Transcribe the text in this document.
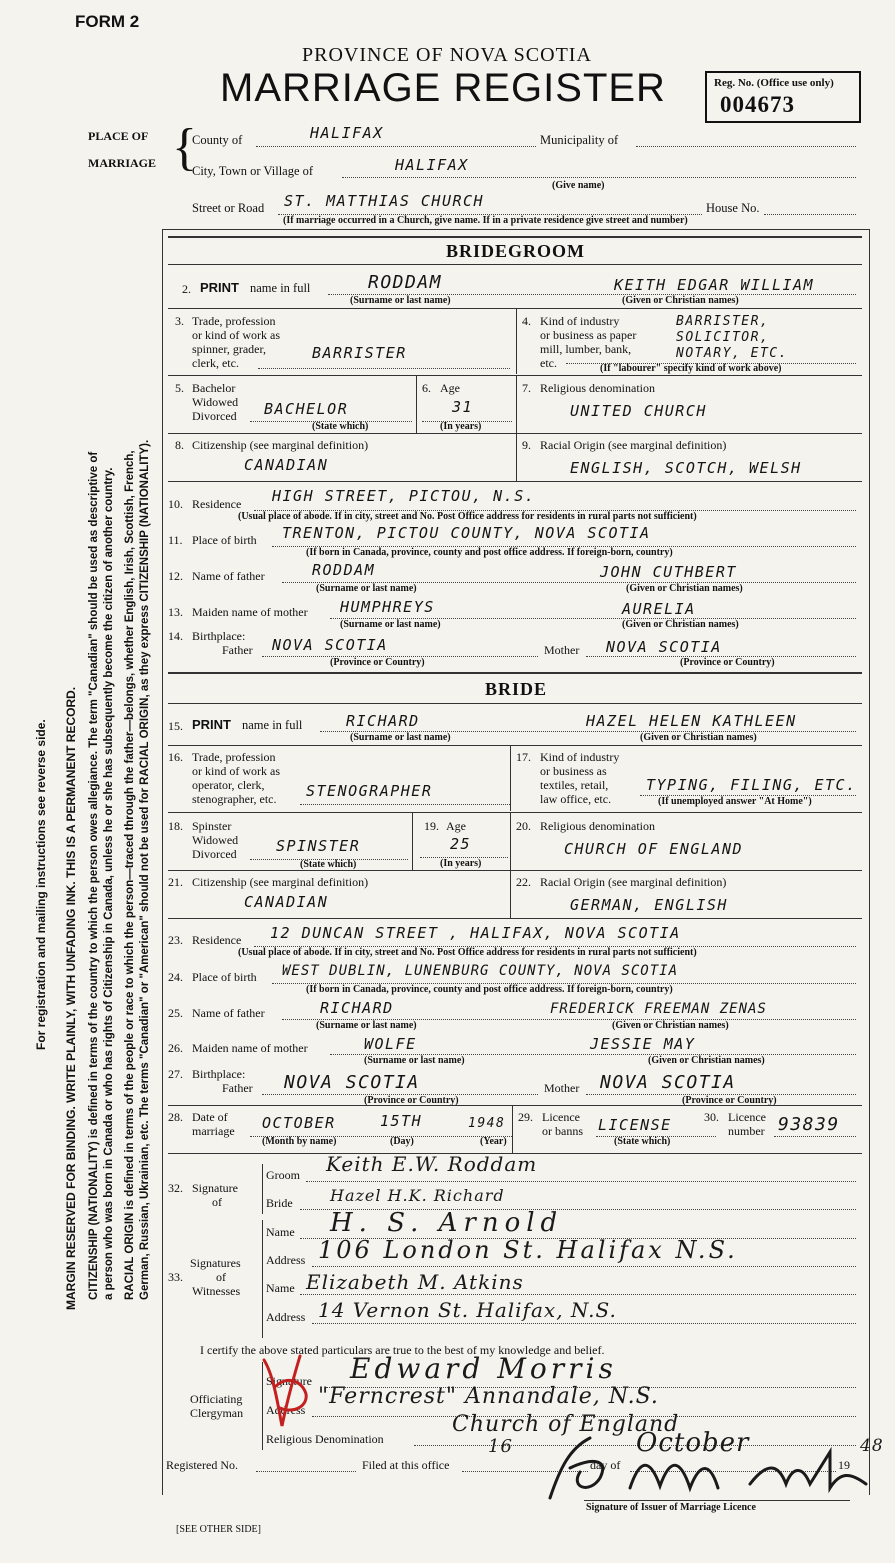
For registration and mailing instructions see reverse side. MARGIN RESERVED FOR BINDING. WRITE PLAINLY, WITH UNFADING INK. THIS IS A PERMANENT RECORD. CITIZENSHIP (NATIONALITY) is defined in terms of the country to which the person owes allegiance. The term "Canadian" should be used as descriptive of a person who was born in Canada or who has rights of Citizenship in Canada, unless he or she has subsequently become the citizen of another country. RACIAL ORIGIN is defined in terms of the people or race to which the person—traced through the father—belongs, whether English, Irish, Scottish, French, German, Russian, Ukrainian, etc. The terms "Canadian" or "American" should not be used for RACIAL ORIGIN, as they express CITIZENSHIP (NATIONALITY).
FORM 2
PROVINCE OF NOVA SCOTIA
MARRIAGE REGISTER	Reg. No. (Office use only)
004673
PLACE OF
MARRIAGE {
County of	HALIFAX	Municipality of
City, Town or Village of	HALIFAX
(Give name)
Street or Road ST. MATTHIAS CHURCH	House No.
(If marriage occurred in a Church, give name. If in a private residence give street and number)
BRIDEGROOM
2. PRINT name in full	RODDAM	KEITH EDGAR WILLIAM
(Surname or last name)	(Given or Christian names)
3. Trade, profession
or kind of work as
spinner, grader,
clerk, etc.
BARRISTER
4. Kind of industry
or business as paper
mill, lumber, bank,
etc.
BARRISTER,
SOLICITOR,
NOTARY, ETC.
(If "labourer" specify kind of work above)
5. Bachelor
Widowed
Divorced BACHELOR
(State which)
6. Age
31
(In years)
7. Religious denomination
UNITED CHURCH
8. Citizenship (see marginal definition)
CANADIAN
9. Racial Origin (see marginal definition)
ENGLISH, SCOTCH, WELSH
10. Residence HIGH STREET, PICTOU, N.S.
(Usual place of abode. If in city, street and No. Post Office address for residents in rural parts not sufficient)
11. Place of birth TRENTON, PICTOU COUNTY, NOVA SCOTIA
(If born in Canada, province, county and post office address. If foreign-born, country)
12. Name of father	RODDAM	JOHN CUTHBERT
(Surname or last name)	(Given or Christian names)
13. Maiden name of mother HUMPHREYS	AURELIA
(Surname or last name)	(Given or Christian names)
14. Birthplace:
Father NOVA SCOTIA
(Province or Country)
Mother NOVA SCOTIA
(Province or Country)
BRIDE
15. PRINT name in full	RICHARD	HAZEL HELEN KATHLEEN
(Surname or last name)	(Given or Christian names)
16. Trade, profession
or kind of work as
operator, clerk,
stenographer, etc. STENOGRAPHER
17. Kind of industry
or business as
textiles, retail,
law office, etc.
TYPING, FILING, ETC.
(If unemployed answer "At Home")
18. Spinster
Widowed
Divorced	SPINSTER
(State which)
19. Age
25
(In years)
20. Religious denomination
CHURCH OF ENGLAND
21. Citizenship (see marginal definition)
CANADIAN
22. Racial Origin (see marginal definition)
GERMAN, ENGLISH
23. Residence 12 DUNCAN STREET , HALIFAX, NOVA SCOTIA
(Usual place of abode. If in city, street and No. Post Office address for residents in rural parts not sufficient)
24. Place of birth WEST DUBLIN, LUNENBURG COUNTY, NOVA SCOTIA
(If born in Canada, province, county and post office address. If foreign-born, country)
25. Name of father	RICHARD	FREDERICK FREEMAN ZENAS
(Surname or last name)	(Given or Christian names)
26. Maiden name of mother	WOLFE	JESSIE MAY
(Surname or last name)	(Given or Christian names)
27. Birthplace:
Father NOVA SCOTIA
(Province or Country)
Mother NOVA SCOTIA
(Province or Country)
28. Date of
marriage OCTOBER	15TH	1948
(Month by name)	(Day)	(Year)
29. Licence
or banns LICENSE
(State which)
30. Licence
number 93839
32. Signature
of
Groom Keith E.W. Roddam
Bride Hazel H.K. Richard
33.
Signatures
of
Witnesses
Name H. S. Arnold
Address 106 London St. Halifax N.S.
Name Elizabeth M. Atkins
Address 14 Vernon St. Halifax, N.S.
I certify the above stated particulars are true to the best of my knowledge and belief.
Officiating
Clergyman
Signature Edward Morris
Address
"Ferncrest" Annandale, N.S.
Religious Denomination
Church of England
Registered No.	Filed at this office
16
day of
October
19
48
Signature of Issuer of Marriage Licence
[SEE OTHER SIDE]
